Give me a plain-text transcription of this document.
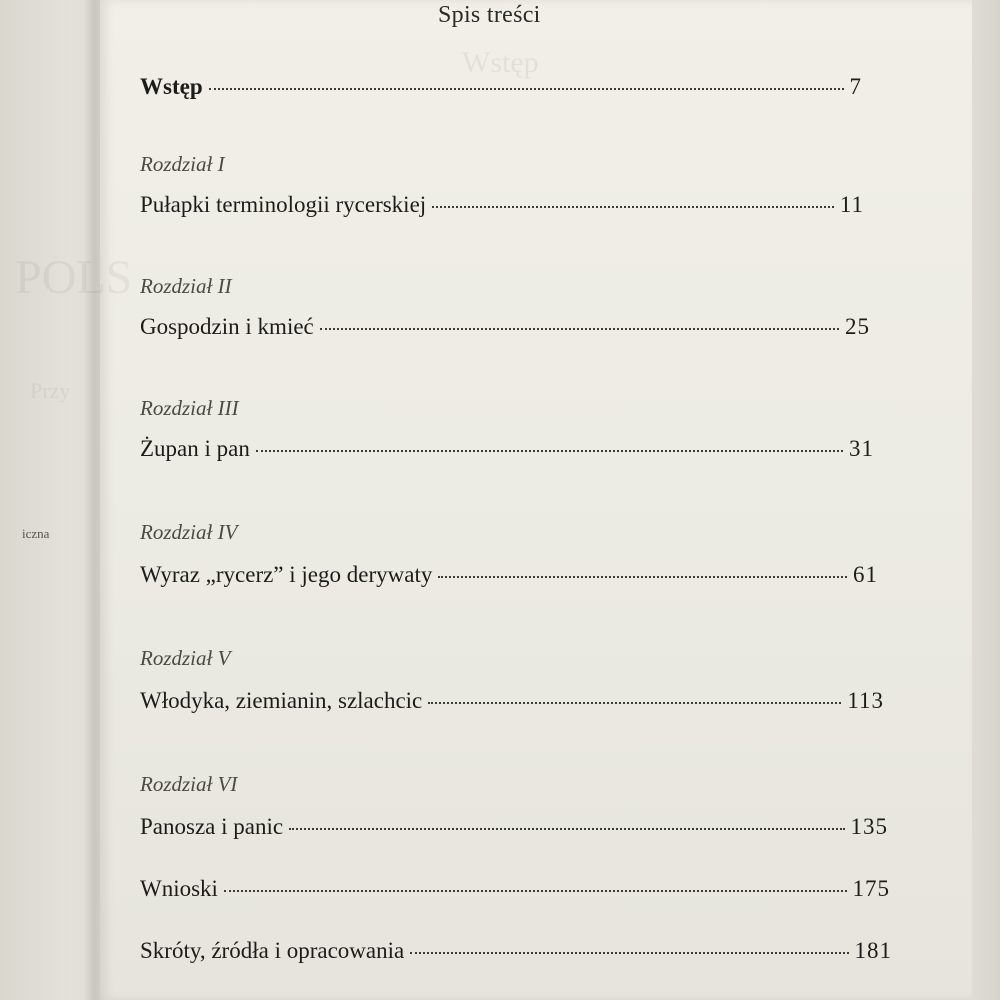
iczna
Spis treści
Wstęp	7
Rozdział I
Pułapki terminologii rycerskiej	11
Rozdział II
Gospodzin i kmieć	25
Rozdział III
Żupan i pan	31
Rozdział IV
Wyraz „rycerz” i jego derywaty	61
Rozdział V
Włodyka, ziemianin, szlachcic	113
Rozdział VI
Panosza i panic	135
Wnioski	175
Skróty, źródła i opracowania	181
